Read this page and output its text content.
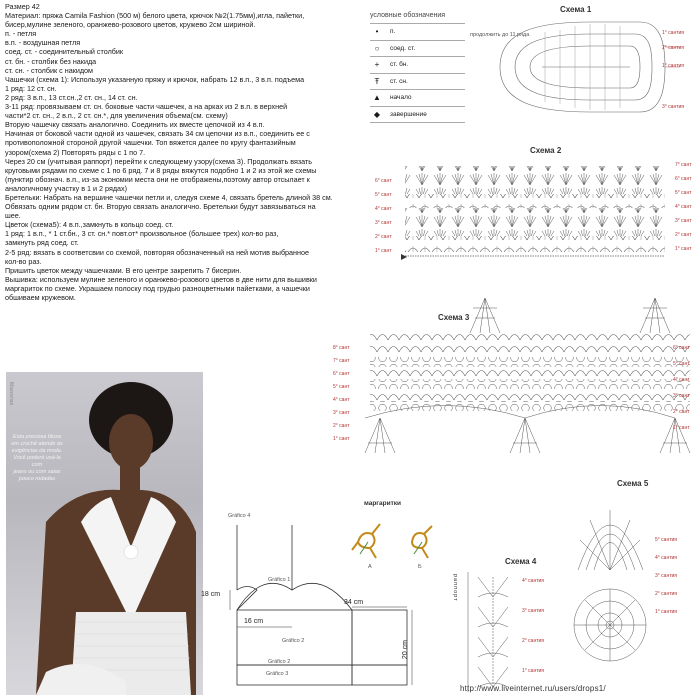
Размер 42
Материал: пряжа Camila Fashion (500 м) белого цвета, крючок №2(1.75мм),игла, пайетки,
бисер,мулине зеленого, оранжево-розового цветов, кружево 2см шириной.
п. - петля
в.п. - воздушная петля
соед. ст. - соединительный столбик
ст. бн. - столбик без накида
ст. сн. - столбик с накидом
Чашечки (схема 1): Используя указанную пряжу и крючок, набрать 12 в.п., 3 в.п. подъема
1 ряд: 12 ст. сн.
2 ряд: 3 в.п., 13 ст.сн.,2 ст. сн., 14 ст. сн.
3-11 ряд: провязываем ст. сн. боковые части чашечек, а на арках из 2 в.п. в верхней
части*2 ст. сн., 2 в.п., 2 ст. сн.*, для увеличения объема(см. схему)
Вторую чашечку связать аналогично. Соединить их вместе цепочкой из 4 в.п.
Начиная от боковой части одной из чашечек, связать 34 см цепочки из в.п., соединить ее с
противоположной стороной другой чашечки. Топ вяжется далее по кругу фантазийным
узором(схема 2) Повторять ряды с 1 по 7.
Через 20 см (учитывая раппорт) перейти к следующему узору(схема 3). Продолжать вязать
круговыми рядами по схеме с 1 по 6 ряд. 7 и 8 ряды вяжутся подобно 1 и 2 из этой же схемы
(пунктир обознач. в.п., из-за экономии места они не отображены,поэтому автор отсылает к
аналогичному участку в 1 и 2 рядах)
Бретельки: Набрать на вершине чашечки петли и, следуя схеме 4, связать бретель длиной 38 см.
Обвязать одним рядом ст. бн. Вторую связать аналогично. Бретельки будут завязываться на
шее.
Цветок (схема5): 4 в.п.,замкнуть в кольцо соед. ст.
1 ряд: 1 в.п., * 1 ст.бн., 3 ст. сн.* повт.от* произвольное (большее трех) кол-во раз,
замкнуть ряд соед. ст.
2-5 ряд: вязать в соответсвии со схемой, повторяя обозначенный на ней мотив выбранное
кол-во раз.
Пришить цветок между чашечками. В его центре закрепить 7 бисерин.
Вышивка: используем мулине зеленого и оранжево-розового цветов в две нити для вышивки
маргариток по схеме. Украшаем полоску под грудью разноцветными пайетками, а чашечки
обшиваем кружевом.
условные обозначения
•	п.
○	соед. ст.
+	ст. бн.
Ŧ	ст. сн.
▲	начало
◆	завершение
Схема 1
продолжить до 11 ряда	1° сaнтия
2° сaнтия
1° сaнтия
3° сaнтия
Схема 2
7° сaнт
6° сaнт
5° сaнт
4° сaнт
3° сaнт
2° сaнт
1° сaнт
6° сaнт
5° сaнт
4° сaнт
3° сaнт
2° сaнт
1° сaнт
Схема 3
8° сaнт
7° сaнт
6° сaнт
5° сaнт
4° сaнт
3° сaнт
2° сaнт
1° сaнт
6° сaнт
5° сaнт
4° сaнт
3° сaнт
2° сaнт
1° сaнт
Maecenas
Esta preciosa blusa
em crochê atende às
exigências da moda.
Você poderá usá-la com
jeans ou com saias
pouco rodadas
Gráfico 4
18 cm
Gráfico 1
16 cm
34 cm
Gráfico 2
Gráfico 2
Gráfico 3
20 cm
маргаритки
А	Б
Схема 4
раппорт	4° сaнтия
3° сaнтия
2° сaнтия
1° сaнтия
Схема 5
5° сaнтия
4° сaнтия
3° сaнтия
2° сaнтия
1° сaнтия
http://www.liveinternet.ru/users/drops1/
